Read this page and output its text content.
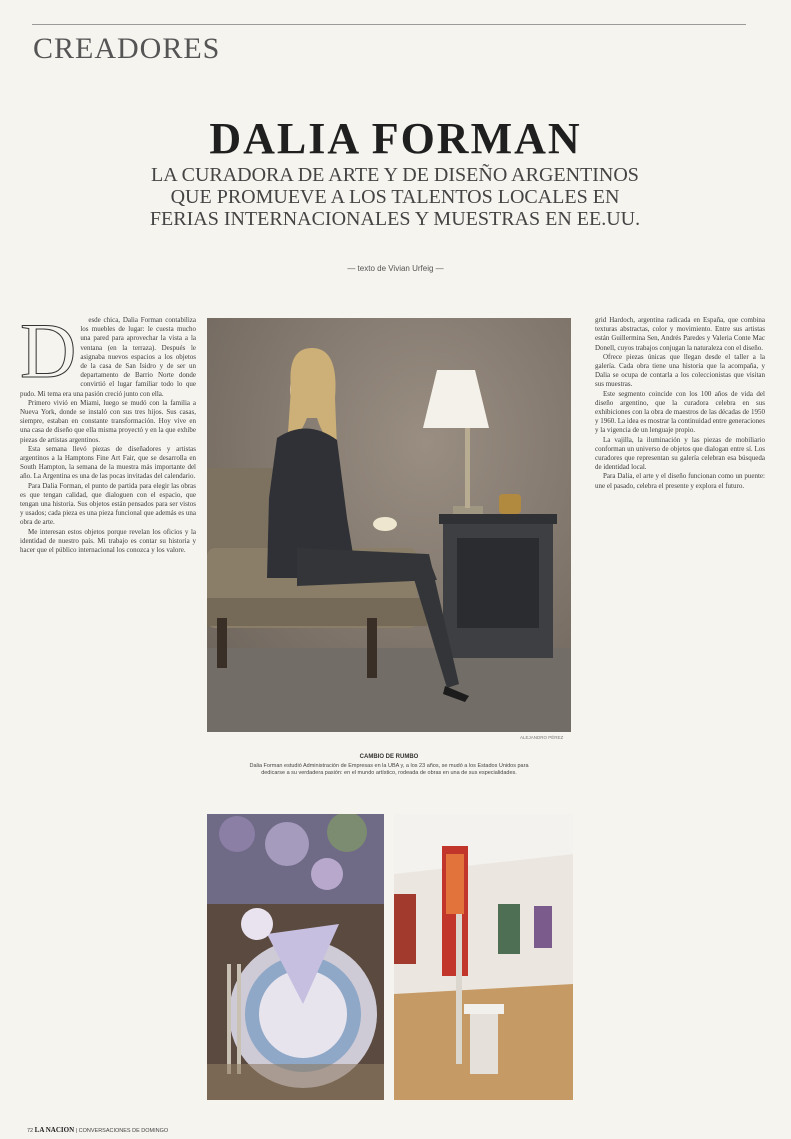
CREADORES
DALIA FORMAN
LA CURADORA DE ARTE Y DE DISEÑO ARGENTINOS QUE PROMUEVE A LOS TALENTOS LOCALES EN FERIAS INTERNACIONALES Y MUESTRAS EN EE.UU.
— texto de Vivian Urfeig —
D	esde chica, Dalia Forman contabiliza los muebles de lugar: le cuesta mucho una pared para aprovechar la vista a la ventana (en la terraza). Después le asignaba nuevos espacios a los objetos de la casa de San Isidro y de ser un departamento de Barrio Norte donde convirtió el lugar familiar todo lo que pudo. Mi tema era una pasión creció junto con ella.

Primero vivió en Miami, luego se mudó con la familia a Nueva York, donde se instaló con sus tres hijos. Sus casas, siempre, estaban en constante transformación. Hoy vive en una casa de diseño que ella misma proyectó y en la que exhibe piezas de artistas argentinos.

Esta semana llevó piezas de diseñadores y artistas argentinos a la Hamptons Fine Art Fair, que se desarrolla en South Hampton, la semana de la muestra más importante del año. La Argentina es una de las pocas invitadas del calendario.

Para Dalia Forman, el punto de partida para elegir las obras es que tengan calidad, que dialoguen con el espacio, que tengan una historia. Sus objetos están pensados para ser vistos y usados; cada pieza es una pieza funcional que además es una obra de arte.

Me interesan estos objetos porque revelan los oficios y la identidad de nuestro país. Mi trabajo es contar su historia y hacer que el público internacional los conozca y los valore.

ALEJANDRO PÉREZ
CAMBIO DE RUMBO
Dalia Forman estudió Administración de Empresas en la UBA y, a los 23 años, se mudó a los Estados Unidos para dedicarse a su verdadera pasión: en el mundo artístico, rodeada de obras en una de sus especialidades.

grid Hardoch, argentina radicada en España, que combina texturas abstractas, color y movimiento. Entre sus artistas están Guillermina Sen, Andrés Paredes y Valeria Conte Mac Donell, cuyos trabajos conjugan la naturaleza con el diseño.

Ofrece piezas únicas que llegan desde el taller a la galería. Cada obra tiene una historia que la acompaña, y Dalia se ocupa de contarla a los coleccionistas que visitan sus muestras.

Este segmento coincide con los 100 años de vida del diseño argentino, que la curadora celebra en sus exhibiciones con la obra de maestros de las décadas de 1950 y 1960. La idea es mostrar la continuidad entre generaciones y la vigencia de un lenguaje propio.

La vajilla, la iluminación y las piezas de mobiliario conforman un universo de objetos que dialogan entre sí. Los curadores que representan su galería celebran esa búsqueda de identidad local.

Para Dalia, el arte y el diseño funcionan como un puente: une el pasado, celebra el presente y explora el futuro.

72 LA NACION | CONVERSACIONES DE DOMINGO
